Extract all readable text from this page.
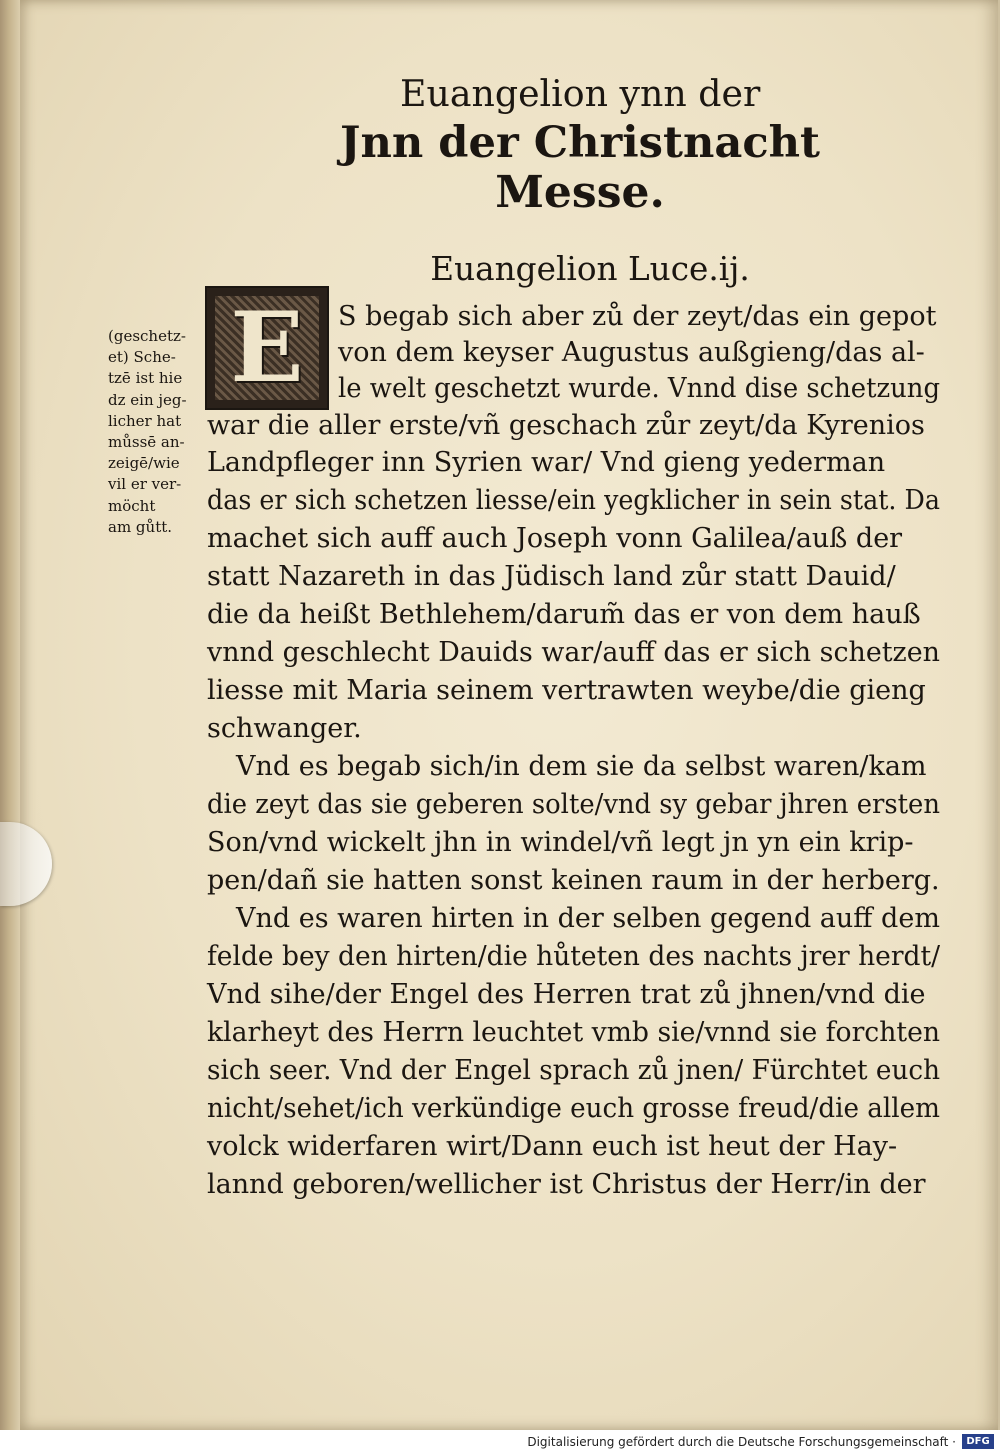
Euangelion ynn der
Jnn der Christnacht
Messe.
Euangelion Luce.ij.
E
(geschetz-
et) Sche-
tzē ist hie
dz ein jeg-
licher hat
můssē an-
zeigē/wie
vil er ver-
möcht
am gůtt.
S begab sich aber zů der zeyt/das ein gepot
von dem keyser Augustus außgieng/das al-
le welt geschetzt wurde. Vnnd dise schetzung
war die aller erste/vñ geschach zůr zeyt/da Kyrenios
Landpfleger inn Syrien war/ Vnd gieng yederman
das er sich schetzen liesse/ein yegklicher in sein stat. Da
machet sich auff auch Joseph vonn Galilea/auß der
statt Nazareth in das Jüdisch land zůr statt Dauid/
die da heißt Bethlehem/darum̃ das er von dem hauß
vnnd geschlecht Dauids war/auff das er sich schetzen
liesse mit Maria seinem vertrawten weybe/die gieng
schwanger.
Vnd es begab sich/in dem sie da selbst waren/kam
die zeyt das sie geberen solte/vnd sy gebar jhren ersten
Son/vnd wickelt jhn in windel/vñ legt jn yn ein krip-
pen/dañ sie hatten sonst keinen raum in der herberg.
Vnd es waren hirten in der selben gegend auff dem
felde bey den hirten/die hůteten des nachts jrer herdt/
Vnd sihe/der Engel des Herren trat zů jhnen/vnd die
klarheyt des Herrn leuchtet vmb sie/vnnd sie forchten
sich seer. Vnd der Engel sprach zů jnen/ Fürchtet euch
nicht/sehet/ich verkündige euch grosse freud/die allem
volck widerfaren wirt/Dann euch ist heut der Hay-
lannd geboren/wellicher ist Christus der Herr/in der
Digitalisierung gefördert durch die Deutsche Forschungsgemeinschaft ·	DFG
